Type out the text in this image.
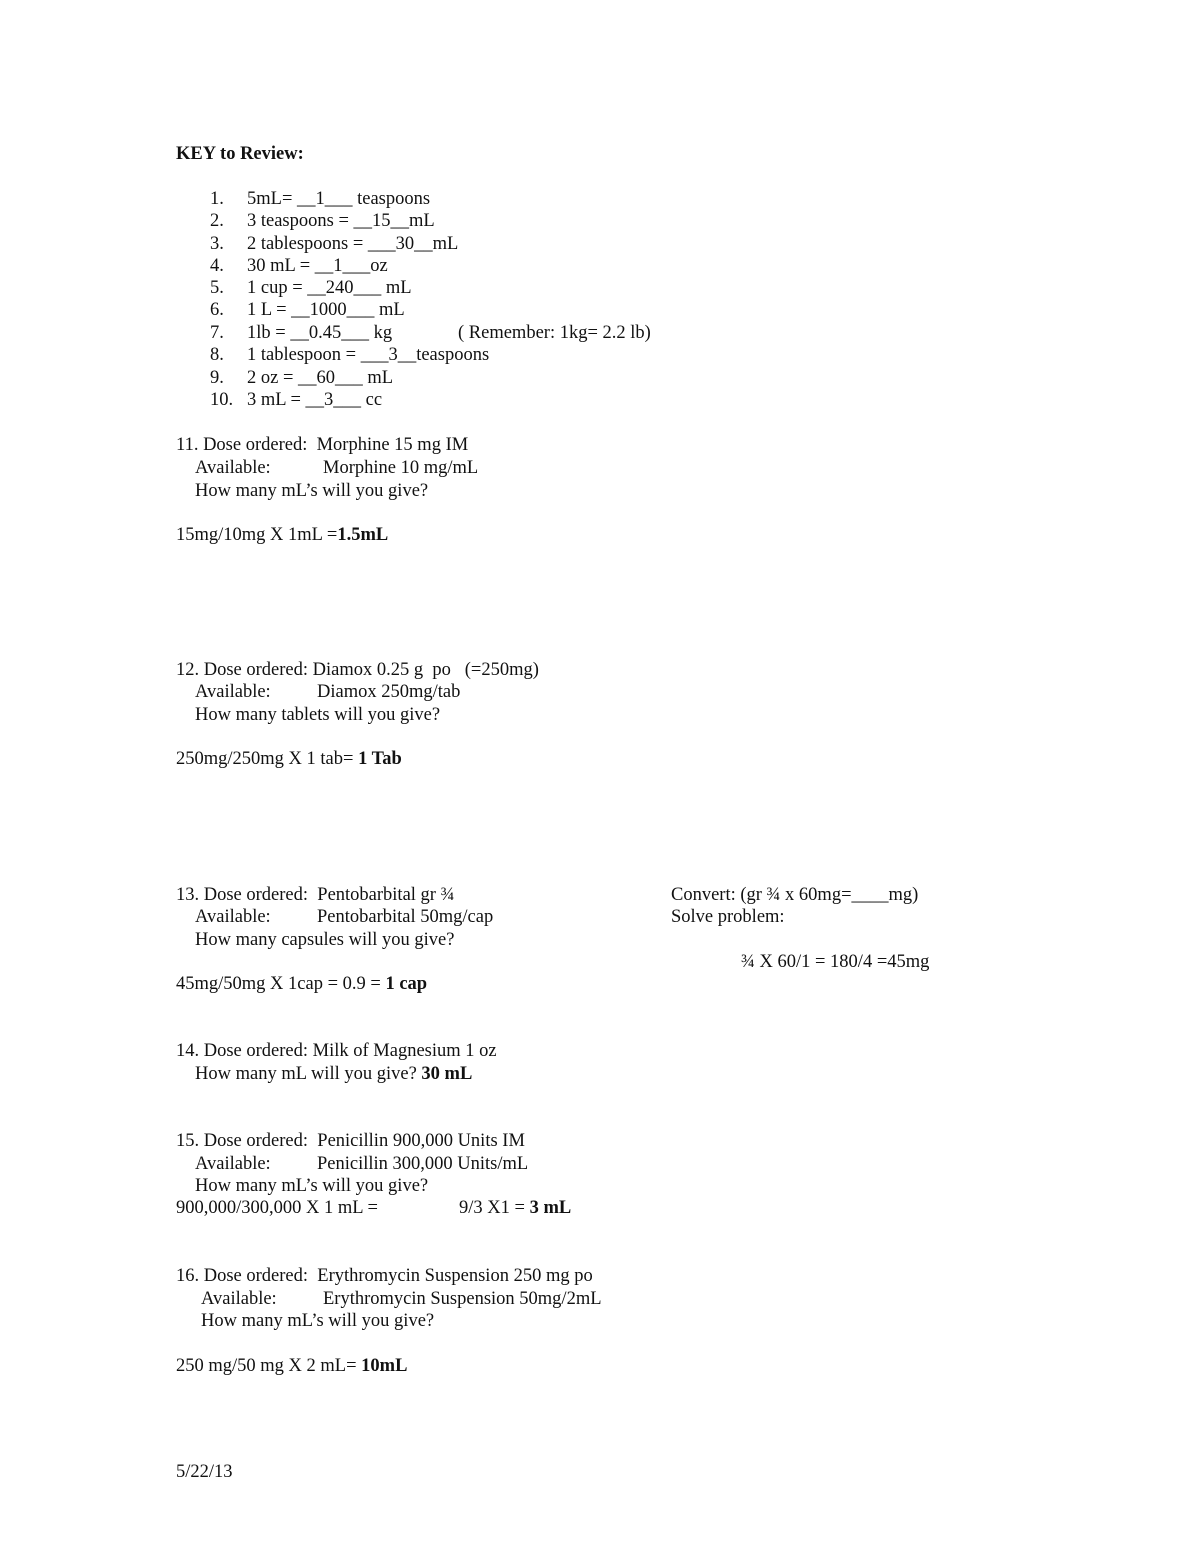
KEY to Review:
1.	5mL= __1___ teaspoons
2.	3 teaspoons = __15__mL
3.	2 tablespoons = ___30__mL
4.	30 mL = __1___oz
5.	1 cup = __240___ mL
6.	1 L = __1000___ mL
7.	1lb = __0.45___ kg	( Remember: 1kg= 2.2 lb)
8.	1 tablespoon = ___3__teaspoons
9.	2 oz = __60___ mL
10. 3 mL = __3___ cc
11. Dose ordered:  Morphine 15 mg IM
Available:	Morphine 10 mg/mL
How many mL’s will you give?
15mg/10mg X 1mL =1.5mL
12. Dose ordered: Diamox 0.25 g  po   (=250mg)
Available:	Diamox 250mg/tab
How many tablets will you give?
250mg/250mg X 1 tab= 1 Tab
13. Dose ordered:  Pentobarbital gr ¾
Available:	Pentobarbital 50mg/cap
How many capsules will you give?
45mg/50mg X 1cap = 0.9 = 1 cap
Convert: (gr ¾ x 60mg=____mg)
Solve problem:
¾ X 60/1 = 180/4 =45mg
14. Dose ordered: Milk of Magnesium 1 oz
How many mL will you give? 30 mL
15. Dose ordered:  Penicillin 900,000 Units IM
Available:	Penicillin 300,000 Units/mL
How many mL’s will you give?
900,000/300,000 X 1 mL =	9/3 X1 = 3 mL
16. Dose ordered:  Erythromycin Suspension 250 mg po
Available:	Erythromycin Suspension 50mg/2mL
How many mL’s will you give?
250 mg/50 mg X 2 mL= 10mL
5/22/13
